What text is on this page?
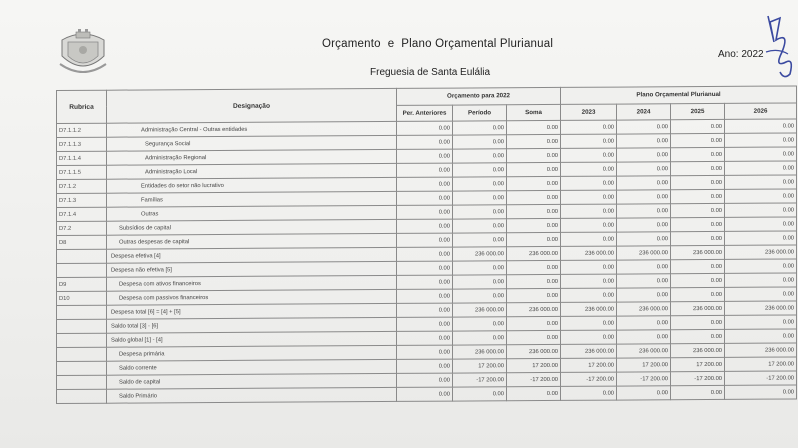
Orçamento e Plano Orçamental Plurianual
Ano: 2022
Freguesia de Santa Eulália
Rubrica	Designação	Orçamento para 2022			Plano Orçamental Plurianual			
		Per. Anteriores	Período	Soma	2023	2024	2025	2026
D7.1.1.2	Administração Central - Outras entidades	0.00	0.00	0.00	0.00	0.00	0.00	0.00
D7.1.1.3	Segurança Social	0.00	0.00	0.00	0.00	0.00	0.00	0.00
D7.1.1.4	Administração Regional	0.00	0.00	0.00	0.00	0.00	0.00	0.00
D7.1.1.5	Administração Local	0.00	0.00	0.00	0.00	0.00	0.00	0.00
D7.1.2	Entidades do setor não lucrativo	0.00	0.00	0.00	0.00	0.00	0.00	0.00
D7.1.3	Famílias	0.00	0.00	0.00	0.00	0.00	0.00	0.00
D7.1.4	Outras	0.00	0.00	0.00	0.00	0.00	0.00	0.00
D7.2	Subsídios de capital	0.00	0.00	0.00	0.00	0.00	0.00	0.00
D8	Outras despesas de capital	0.00	0.00	0.00	0.00	0.00	0.00	0.00
	Despesa efetiva [4]	0.00	236 000.00	236 000.00	236 000.00	236 000.00	236 000.00	236 000.00
	Despesa não efetiva [5]	0.00	0.00	0.00	0.00	0.00	0.00	0.00
D9	Despesa com ativos financeiros	0.00	0.00	0.00	0.00	0.00	0.00	0.00
D10	Despesa com passivos financeiros	0.00	0.00	0.00	0.00	0.00	0.00	0.00
	Despesa total [6] = [4] + [5]	0.00	236 000.00	236 000.00	236 000.00	236 000.00	236 000.00	236 000.00
	Saldo total [3] - [6]	0.00	0.00	0.00	0.00	0.00	0.00	0.00
	Saldo global [1] - [4]	0.00	0.00	0.00	0.00	0.00	0.00	0.00
	Despesa primária	0.00	236 000.00	236 000.00	236 000.00	236 000.00	236 000.00	236 000.00
	Saldo corrente	0.00	17 200.00	17 200.00	17 200.00	17 200.00	17 200.00	17 200.00
	Saldo de capital	0.00	-17 200.00	-17 200.00	-17 200.00	-17 200.00	-17 200.00	-17 200.00
	Saldo Primário	0.00	0.00	0.00	0.00	0.00	0.00	0.00
